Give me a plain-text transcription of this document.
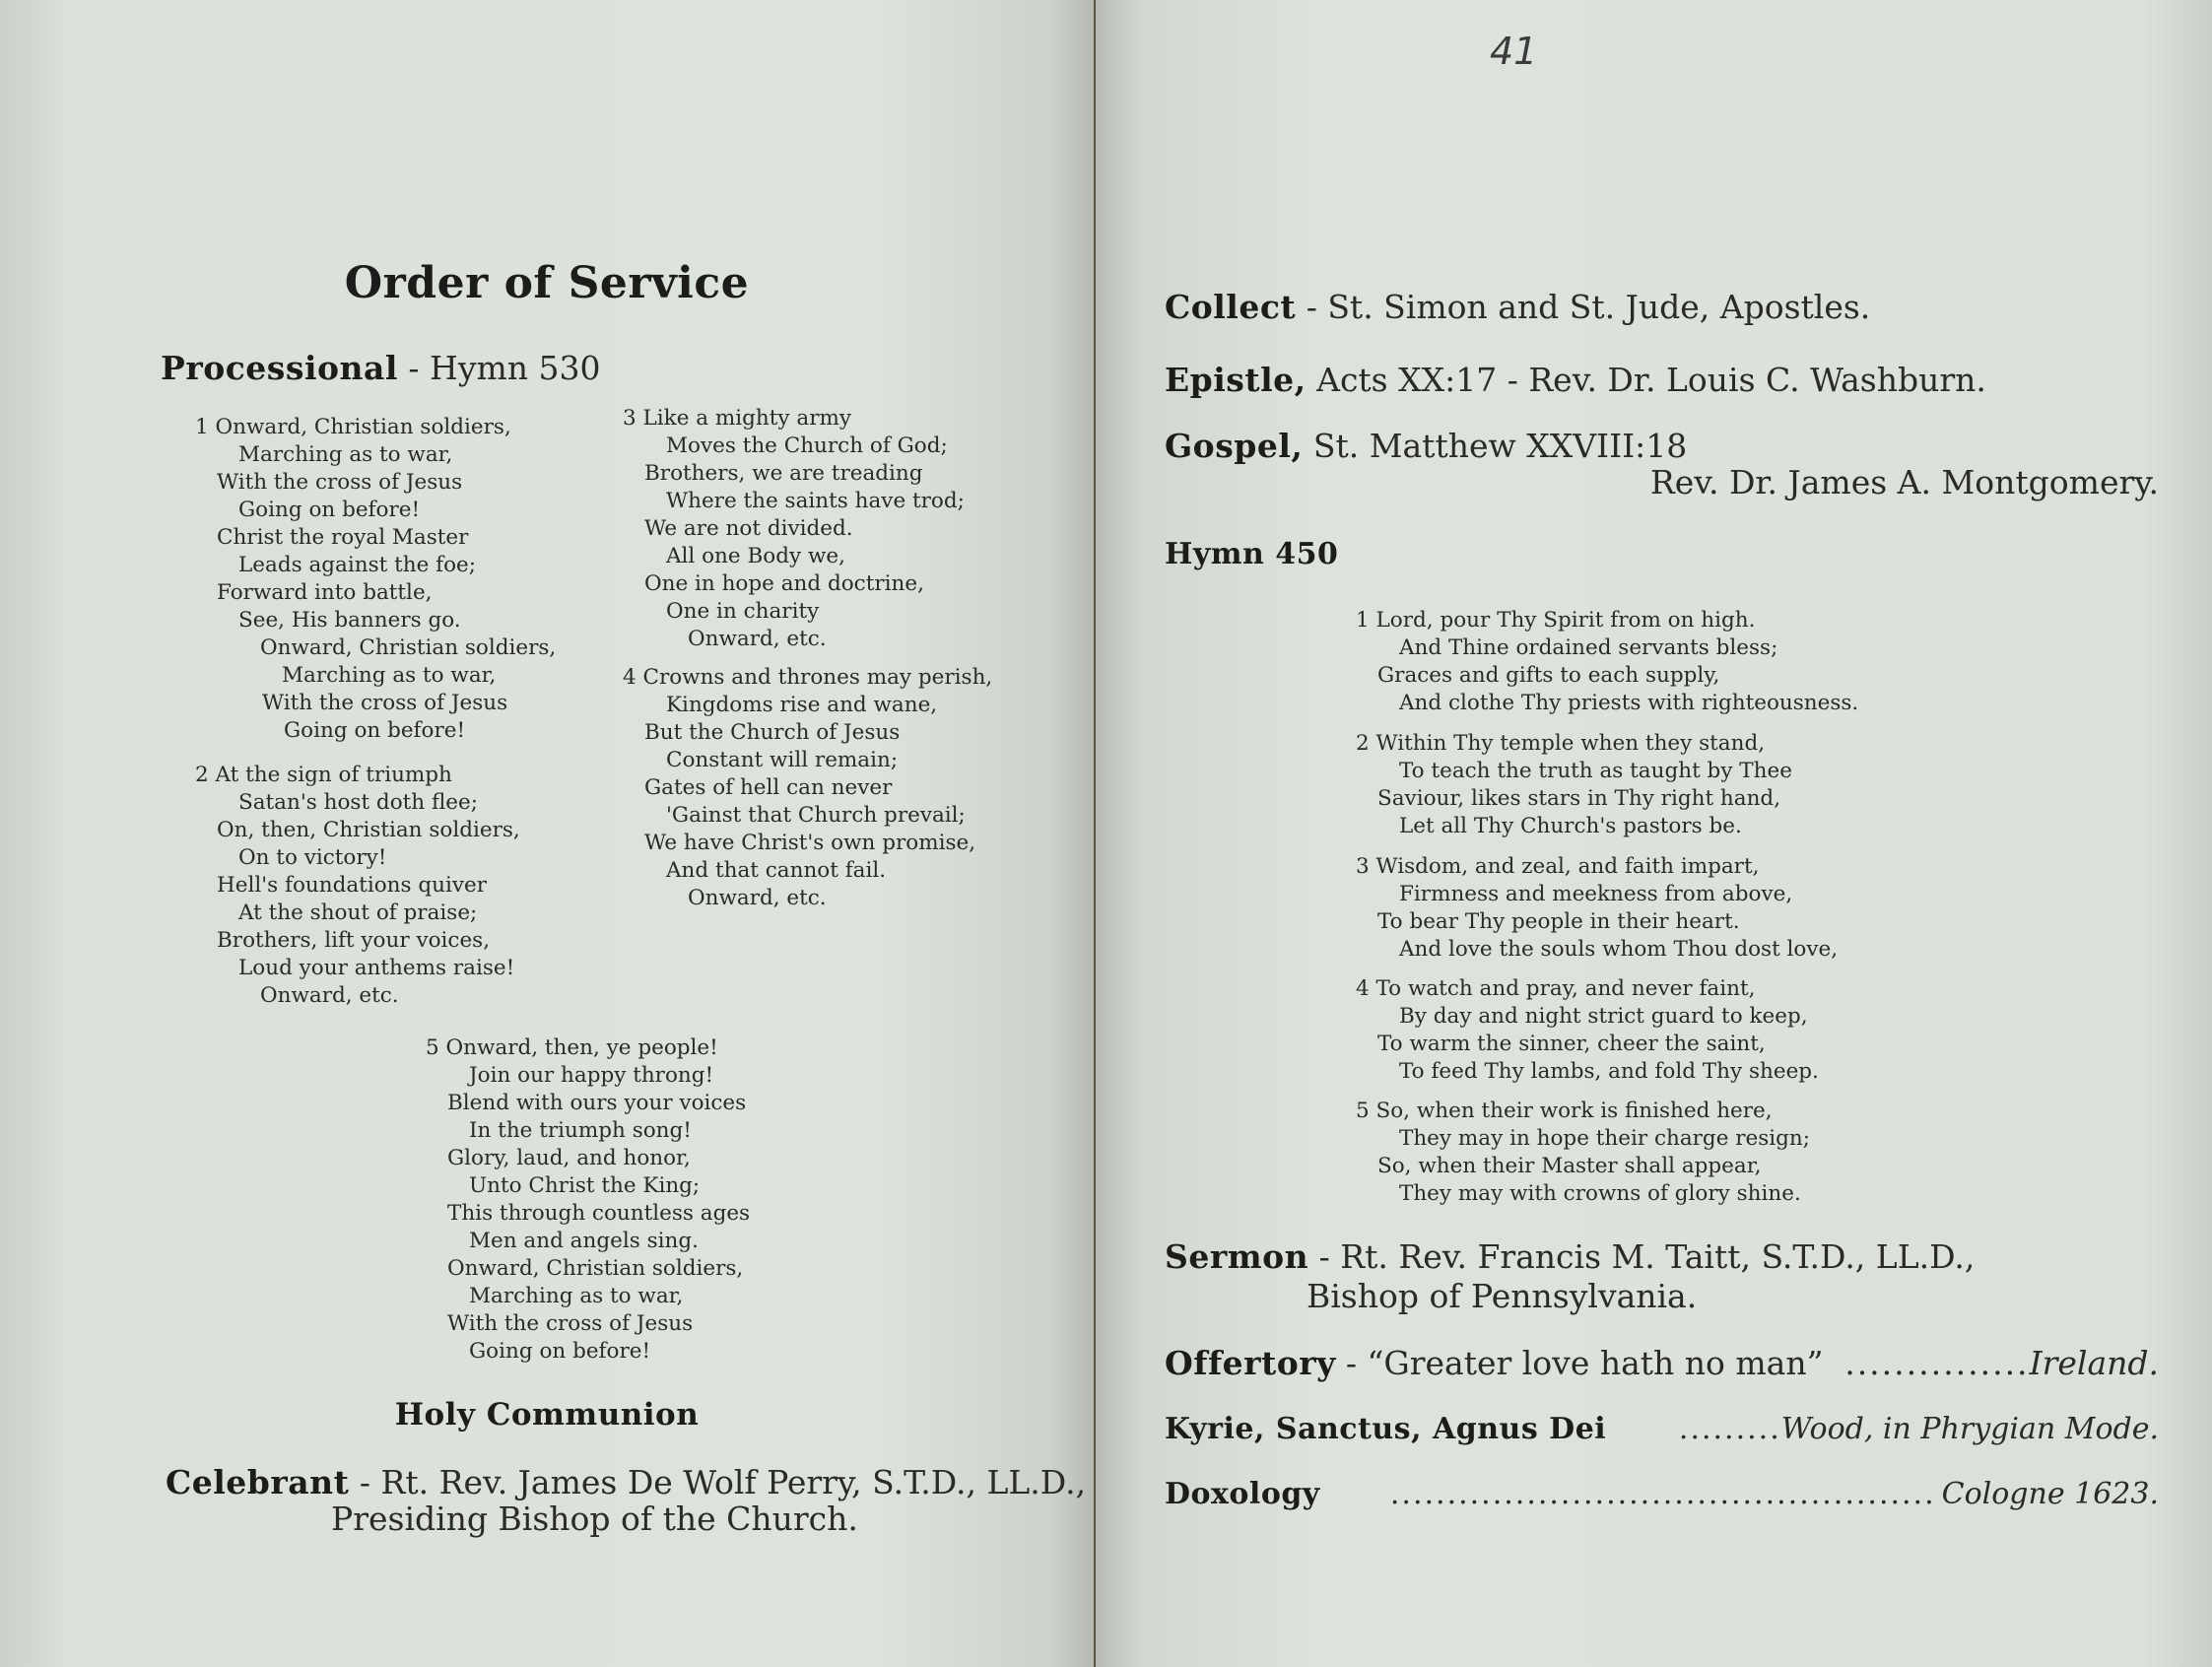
Order of Service
Processional - Hymn 530
1 Onward, Christian soldiers,
Marching as to war,
With the cross of Jesus
Going on before!
Christ the royal Master
Leads against the foe;
Forward into battle,
See, His banners go.
Onward, Christian soldiers,
Marching as to war,
With the cross of Jesus
Going on before!
2 At the sign of triumph
Satan's host doth flee;
On, then, Christian soldiers,
On to victory!
Hell's foundations quiver
At the shout of praise;
Brothers, lift your voices,
Loud your anthems raise!
Onward, etc.
3 Like a mighty army
Moves the Church of God;
Brothers, we are treading
Where the saints have trod;
We are not divided.
All one Body we,
One in hope and doctrine,
One in charity
Onward, etc.
4 Crowns and thrones may perish,
Kingdoms rise and wane,
But the Church of Jesus
Constant will remain;
Gates of hell can never
'Gainst that Church prevail;
We have Christ's own promise,
And that cannot fail.
Onward, etc.
5 Onward, then, ye people!
Join our happy throng!
Blend with ours your voices
In the triumph song!
Glory, laud, and honor,
Unto Christ the King;
This through countless ages
Men and angels sing.
Onward, Christian soldiers,
Marching as to war,
With the cross of Jesus
Going on before!
Holy Communion
Celebrant - Rt. Rev. James De Wolf Perry, S.T.D., LL.D.,
Presiding Bishop of the Church.
41
Collect - St. Simon and St. Jude, Apostles.
Epistle, Acts XX:17 - Rev. Dr. Louis C. Washburn.
Gospel, St. Matthew XXVIII:18
Rev. Dr. James A. Montgomery.
Hymn 450
1 Lord, pour Thy Spirit from on high.
And Thine ordained servants bless;
Graces and gifts to each supply,
And clothe Thy priests with righteousness.
2 Within Thy temple when they stand,
To teach the truth as taught by Thee
Saviour, likes stars in Thy right hand,
Let all Thy Church's pastors be.
3 Wisdom, and zeal, and faith impart,
Firmness and meekness from above,
To bear Thy people in their heart.
And love the souls whom Thou dost love,
4 To watch and pray, and never faint,
By day and night strict guard to keep,
To warm the sinner, cheer the saint,
To feed Thy lambs, and fold Thy sheep.
5 So, when their work is finished here,
They may in hope their charge resign;
So, when their Master shall appear,
They may with crowns of glory shine.
Sermon - Rt. Rev. Francis M. Taitt, S.T.D., LL.D.,
Bishop of Pennsylvania.
Offertory - “Greater love hath no man” ............... Ireland.
Kyrie, Sanctus, Agnus Dei	......... Wood, in Phrygian Mode.
Doxology	................................................ Cologne 1623.
